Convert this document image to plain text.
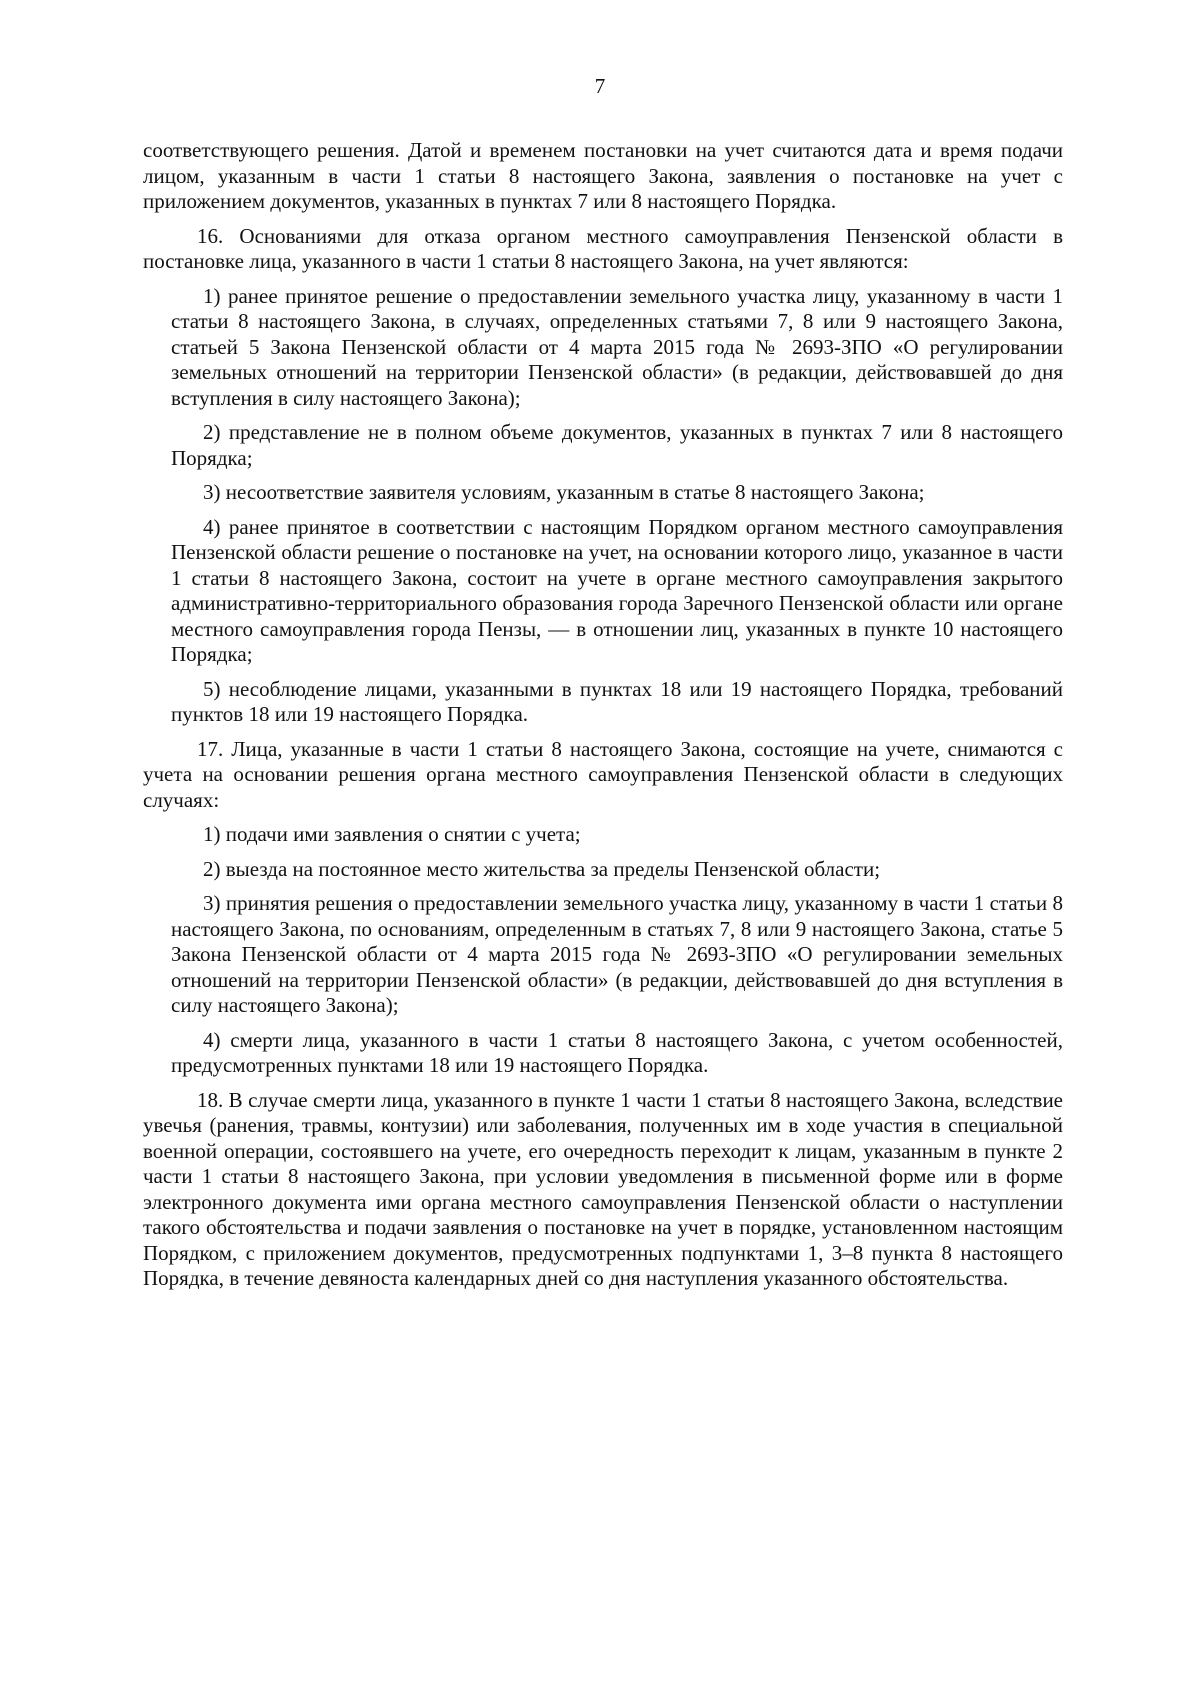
7

соответствующего решения. Датой и временем постановки на учет считаются дата и время подачи лицом, указанным в части 1 статьи 8 настоящего Закона, заявления о постановке на учет с приложением документов, указанных в пунктах 7 или 8 настоящего Порядка.

16. Основаниями для отказа органом местного самоуправления Пензенской области в постановке лица, указанного в части 1 статьи 8 настоящего Закона, на учет являются:

1) ранее принятое решение о предоставлении земельного участка лицу, указанному в части 1 статьи 8 настоящего Закона, в случаях, определенных статьями 7, 8 или 9 настоящего Закона, статьей 5 Закона Пензенской области от 4 марта 2015 года № 2693-ЗПО «О регулировании земельных отношений на территории Пензенской области» (в редакции, действовавшей до дня вступления в силу настоящего Закона);

2) представление не в полном объеме документов, указанных в пунктах 7 или 8 настоящего Порядка;

3) несоответствие заявителя условиям, указанным в статье 8 настоящего Закона;

4) ранее принятое в соответствии с настоящим Порядком органом местного самоуправления Пензенской области решение о постановке на учет, на основании которого лицо, указанное в части 1 статьи 8 настоящего Закона, состоит на учете в органе местного самоуправления закрытого административно-территориального образования города Заречного Пензенской области или органе местного самоуправления города Пензы, — в отношении лиц, указанных в пункте 10 настоящего Порядка;

5) несоблюдение лицами, указанными в пунктах 18 или 19 настоящего Порядка, требований пунктов 18 или 19 настоящего Порядка.

17. Лица, указанные в части 1 статьи 8 настоящего Закона, состоящие на учете, снимаются с учета на основании решения органа местного самоуправления Пензенской области в следующих случаях:

1) подачи ими заявления о снятии с учета;

2) выезда на постоянное место жительства за пределы Пензенской области;

3) принятия решения о предоставлении земельного участка лицу, указанному в части 1 статьи 8 настоящего Закона, по основаниям, определенным в статьях 7, 8 или 9 настоящего Закона, статье 5 Закона Пензенской области от 4 марта 2015 года № 2693-ЗПО «О регулировании земельных отношений на территории Пензенской области» (в редакции, действовавшей до дня вступления в силу настоящего Закона);

4) смерти лица, указанного в части 1 статьи 8 настоящего Закона, с учетом особенностей, предусмотренных пунктами 18 или 19 настоящего Порядка.

18. В случае смерти лица, указанного в пункте 1 части 1 статьи 8 настоящего Закона, вследствие увечья (ранения, травмы, контузии) или заболевания, полученных им в ходе участия в специальной военной операции, состоявшего на учете, его очередность переходит к лицам, указанным в пункте 2 части 1 статьи 8 настоящего Закона, при условии уведомления в письменной форме или в форме электронного документа ими органа местного самоуправления Пензенской области о наступлении такого обстоятельства и подачи заявления о постановке на учет в порядке, установленном настоящим Порядком, с приложением документов, предусмотренных подпунктами 1, 3–8 пункта 8 настоящего Порядка, в течение девяноста календарных дней со дня наступления указанного обстоятельства.
